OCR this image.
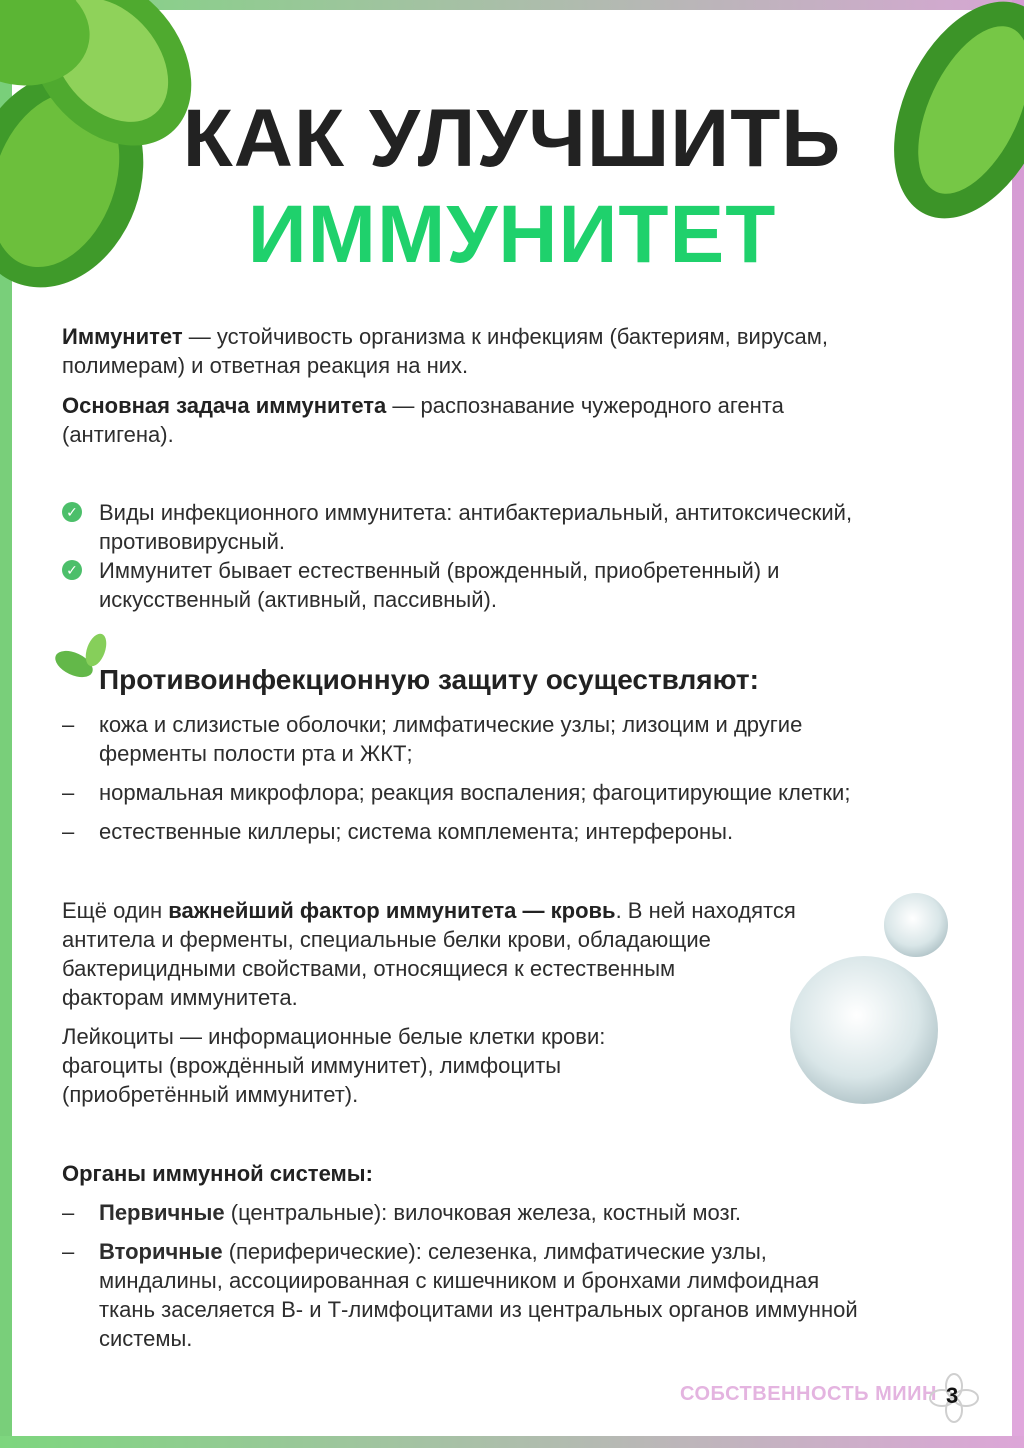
КАК УЛУЧШИТЬ
ИММУНИТЕТ
Иммунитет — устойчивость организма к инфекциям (бактериям, вирусам,
полимерам) и ответная реакция на них.
Основная задача иммунитета — распознавание чужеродного агента
(антигена).
✓ Виды инфекционного иммунитета: антибактериальный, антитоксический,
противовирусный.
✓ Иммунитет бывает естественный (врожденный, приобретенный) и
искусственный (активный, пассивный).
Противоинфекционную защиту осуществляют:
– кожа и слизистые оболочки; лимфатические узлы; лизоцим и другие
ферменты полости рта и ЖКТ;
– нормальная микрофлора; реакция воспаления; фагоцитирующие клетки;
– естественные киллеры; система комплемента; интерфероны.
Ещё один важнейший фактор иммунитета — кровь. В ней находятся
антитела и ферменты, специальные белки крови, обладающие
бактерицидными свойствами, относящиеся к естественным
факторам иммунитета.
Лейкоциты — информационные белые клетки крови:
фагоциты (врождённый иммунитет), лимфоциты
(приобретённый иммунитет).
Органы иммунной системы:
– Первичные (центральные): вилочковая железа, костный мозг.
– Вторичные (периферические): селезенка, лимфатические узлы,
миндалины, ассоциированная с кишечником и бронхами лимфоидная
ткань заселяется В- и Т-лимфоцитами из центральных органов иммунной
системы.
СОБСТВЕННОСТЬ МИИН 3
